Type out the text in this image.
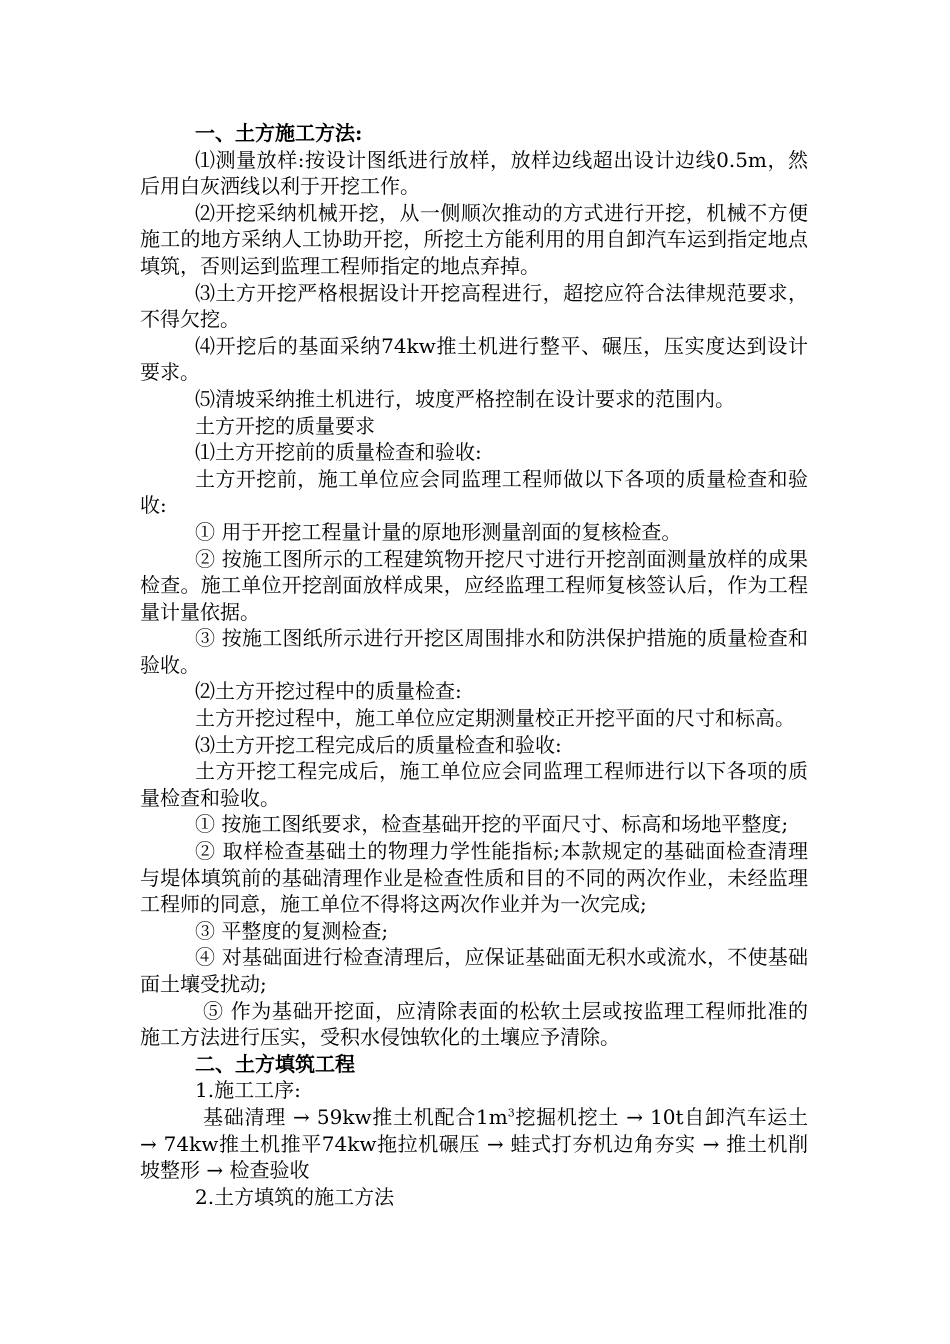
一、土方施工方法:

⑴测量放样:按设计图纸进行放样，放样边线超出设计边线0.5m，然后用白灰洒线以利于开挖工作。

⑵开挖采纳机械开挖，从一侧顺次推动的方式进行开挖，机械不方便施工的地方采纳人工协助开挖，所挖土方能利用的用自卸汽车运到指定地点填筑，否则运到监理工程师指定的地点弃掉。

⑶土方开挖严格根据设计开挖高程进行，超挖应符合法律规范要求，不得欠挖。

⑷开挖后的基面采纳74kw推土机进行整平、碾压，压实度达到设计要求。

⑸清坡采纳推土机进行，坡度严格控制在设计要求的范围内。

土方开挖的质量要求

⑴土方开挖前的质量检查和验收:

土方开挖前，施工单位应会同监理工程师做以下各项的质量检查和验收:

① 用于开挖工程量计量的原地形测量剖面的复核检查。

② 按施工图所示的工程建筑物开挖尺寸进行开挖剖面测量放样的成果检查。施工单位开挖剖面放样成果，应经监理工程师复核签认后，作为工程量计量依据。

③ 按施工图纸所示进行开挖区周围排水和防洪保护措施的质量检查和验收。

⑵土方开挖过程中的质量检查:

土方开挖过程中，施工单位应定期测量校正开挖平面的尺寸和标高。

⑶土方开挖工程完成后的质量检查和验收:

土方开挖工程完成后，施工单位应会同监理工程师进行以下各项的质量检查和验收。

① 按施工图纸要求，检查基础开挖的平面尺寸、标高和场地平整度;

② 取样检查基础土的物理力学性能指标;本款规定的基础面检查清理与堤体填筑前的基础清理作业是检查性质和目的不同的两次作业，未经监理工程师的同意，施工单位不得将这两次作业并为一次完成;

③ 平整度的复测检查;

④ 对基础面进行检查清理后，应保证基础面无积水或流水，不使基础面土壤受扰动;

⑤ 作为基础开挖面，应清除表面的松软土层或按监理工程师批准的施工方法进行压实，受积水侵蚀软化的土壤应予清除。

二、土方填筑工程

1.施工工序:

基础清理 → 59kw推土机配合$1m^3$挖掘机挖土 → 10t自卸汽车运土 → 74kw推土机推平74kw拖拉机碾压 → 蛙式打夯机边角夯实 → 推土机削坡整形 → 检查验收

2.土方填筑的施工方法
